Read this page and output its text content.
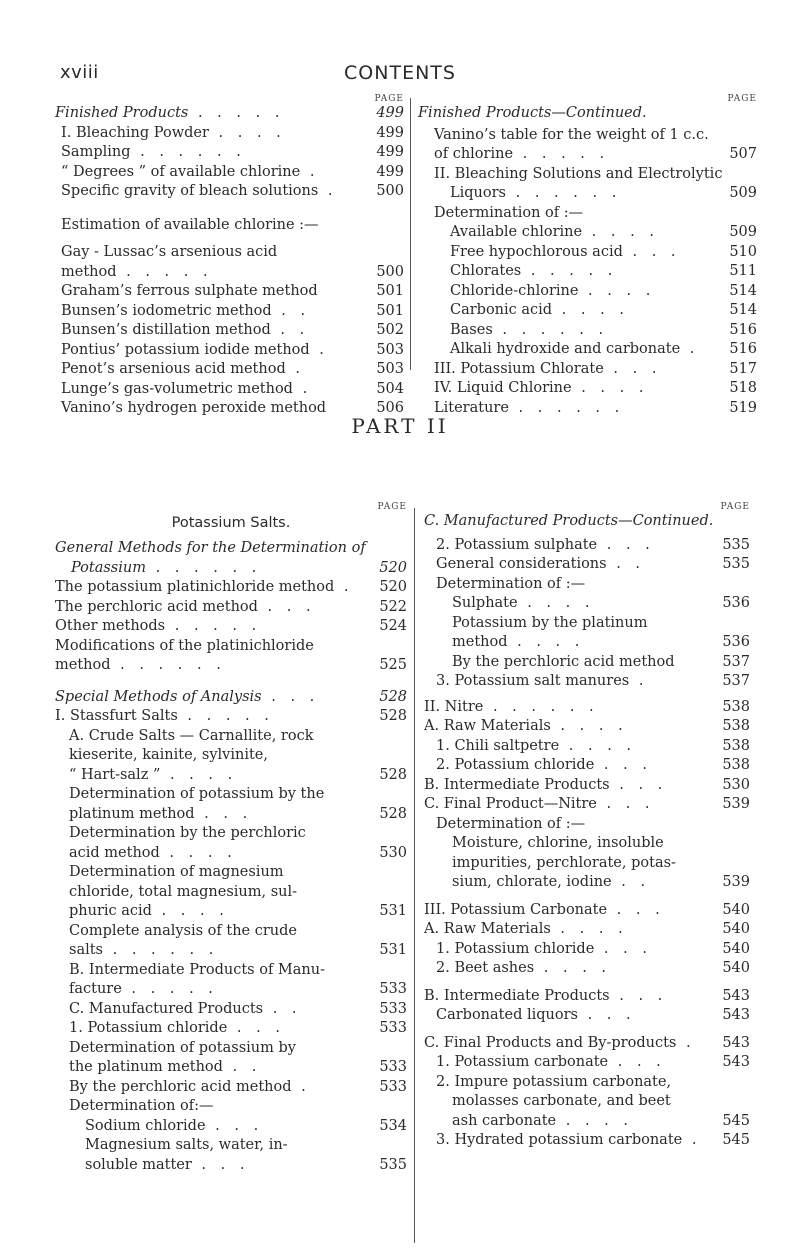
xviii	CONTENTS
PAGE
Finished Products . . . . .	499
I. Bleaching Powder . . . .	499
Sampling . . . . . .	499
“ Degrees ” of available chlorine .	499
Specific gravity of bleach solutions .	500
Estimation of available chlorine :—
Gay - Lussac’s arsenious acid
method . . . . .	500
Graham’s ferrous sulphate method	501
Bunsen’s iodometric method . .	501
Bunsen’s distillation method . .	502
Pontius’ potassium iodide method .	503
Penot’s arsenious acid method .	503
Lunge’s gas-volumetric method .	504
Vanino’s hydrogen peroxide method	506
PAGE
Finished Products—Continued.
Vanino’s table for the weight of 1 c.c.
of chlorine . . . . .	507
II. Bleaching Solutions and Electrolytic
Liquors . . . . . .	509
Determination of :—
Available chlorine . . . .	509
Free hypochlorous acid . . .	510
Chlorates . . . . .	511
Chloride-chlorine . . . .	514
Carbonic acid . . . .	514
Bases . . . . . .	516
Alkali hydroxide and carbonate . 516
III. Potassium Chlorate . . .	517
IV. Liquid Chlorine . . . .	518
Literature . . . . . .	519
PART II
PAGE
Potassium Salts.
General Methods for the Determination of
Potassium . . . . . .	520
The potassium platinichloride method . 520
The perchloric acid method . . .	522
Other methods . . . . .	524
Modifications of the platinichloride
method . . . . . .	525
Special Methods of Analysis . . .	528
I. Stassfurt Salts . . . . .	528
A. Crude Salts — Carnallite, rock
kieserite, kainite, sylvinite,
“ Hart-salz ” . . . .	528
Determination of potassium by the
platinum method . . .	528
Determination by the perchloric
acid method . . . .	530
Determination of magnesium
chloride, total magnesium, sul-
phuric acid . . . .	531
Complete analysis of the crude
salts . . . . . .	531
B. Intermediate Products of Manu-
facture . . . . .	533
C. Manufactured Products . .	533
1. Potassium chloride . . .	533
Determination of potassium by
the platinum method . .	533
By the perchloric acid method .	533
Determination of:—
Sodium chloride . . .	534
Magnesium salts, water, in-
soluble matter . . .	535
PAGE
C. Manufactured Products—Continued.
2. Potassium sulphate . . .	535
General considerations . .	535
Determination of :—
Sulphate . . . .	536
Potassium by the platinum
method . . . .	536
By the perchloric acid method	537
3. Potassium salt manures .	537
II. Nitre . . . . . .	538
A. Raw Materials . . . .	538
1. Chili saltpetre . . . .	538
2. Potassium chloride . . .	538
B. Intermediate Products . . .	530
C. Final Product—Nitre . . .	539
Determination of :—
Moisture, chlorine, insoluble
impurities, perchlorate, potas-
sium, chlorate, iodine . .	539
III. Potassium Carbonate . . .	540
A. Raw Materials . . . .	540
1. Potassium chloride . . .	540
2. Beet ashes . . . .	540
B. Intermediate Products . . .	543
Carbonated liquors . . .	543
C. Final Products and By-products . 543
1. Potassium carbonate . . .	543
2. Impure potassium carbonate,
molasses carbonate, and beet
ash carbonate . . . .	545
3. Hydrated potassium carbonate . 545
